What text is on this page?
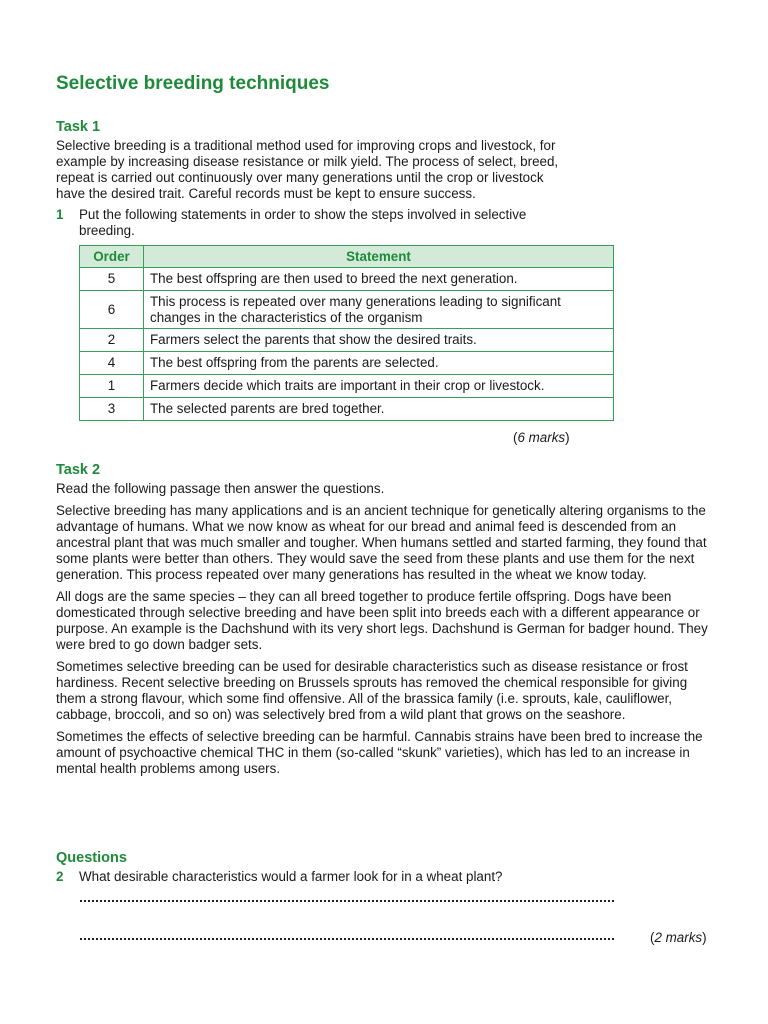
Selective breeding techniques
Task 1

Selective breeding is a traditional method used for improving crops and livestock, for example by increasing disease resistance or milk yield. The process of select, breed, repeat is carried out continuously over many generations until the crop or livestock have the desired trait. Careful records must be kept to ensure success.

1 Put the following statements in order to show the steps involved in selective breeding.

Order	Statement
5	The best offspring are then used to breed the next generation.
6	This process is repeated over many generations leading to significant changes in the characteristics of the organism
2	Farmers select the parents that show the desired traits.
4	The best offspring from the parents are selected.
1	Farmers decide which traits are important in their crop or livestock.
3	The selected parents are bred together.

(6 marks)

Task 2

Read the following passage then answer the questions.

Selective breeding has many applications and is an ancient technique for genetically altering organisms to the advantage of humans. What we now know as wheat for our bread and animal feed is descended from an ancestral plant that was much smaller and tougher. When humans settled and started farming, they found that some plants were better than others. They would save the seed from these plants and use them for the next generation. This process repeated over many generations has resulted in the wheat we know today.

All dogs are the same species – they can all breed together to produce fertile offspring. Dogs have been domesticated through selective breeding and have been split into breeds each with a different appearance or purpose. An example is the Dachshund with its very short legs. Dachshund is German for badger hound. They were bred to go down badger sets.

Sometimes selective breeding can be used for desirable characteristics such as disease resistance or frost hardiness. Recent selective breeding on Brussels sprouts has removed the chemical responsible for giving them a strong flavour, which some find offensive. All of the brassica family (i.e. sprouts, kale, cauliflower, cabbage, broccoli, and so on) was selectively bred from a wild plant that grows on the seashore.

Sometimes the effects of selective breeding can be harmful. Cannabis strains have been bred to increase the amount of psychoactive chemical THC in them (so-called “skunk” varieties), which has led to an increase in mental health problems among users.

Questions
2 What desirable characteristics would a farmer look for in a wheat plant?

(2 marks)
